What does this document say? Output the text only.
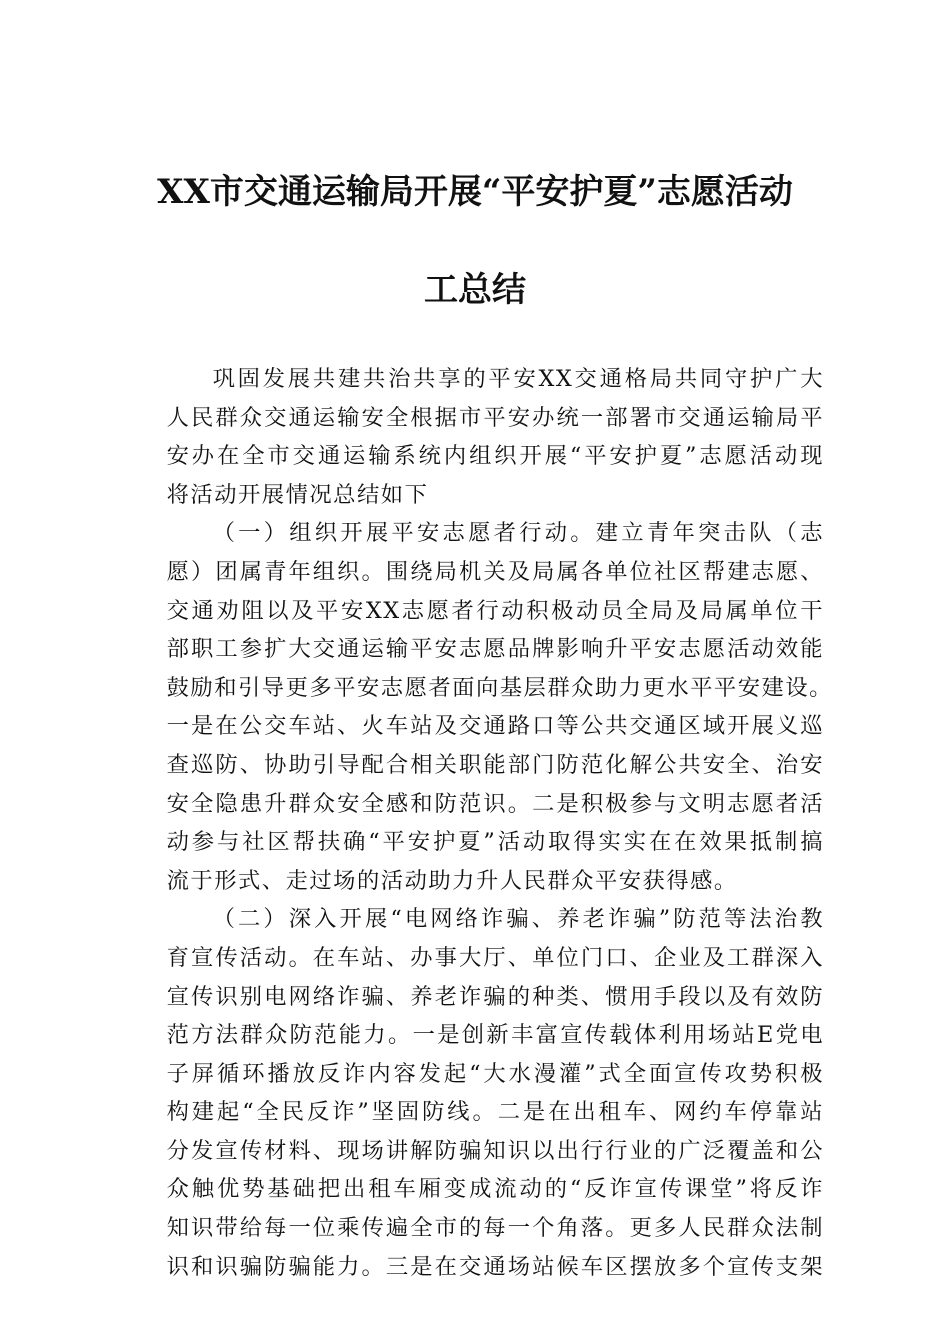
XX市交通运输局开展“平安护夏”志愿活动
工总结
巩固发展共建共治共享的平安XX交通格局共同守护广大
人民群众交通运输安全根据市平安办统一部署市交通运输局平
安办在全市交通运输系统内组织开展“平安护夏”志愿活动现
将活动开展情况总结如下
（一）组织开展平安志愿者行动。建立青年突击队（志
愿）团属青年组织。围绕局机关及局属各单位社区帮建志愿、
交通劝阻以及平安XX志愿者行动积极动员全局及局属单位干
部职工参扩大交通运输平安志愿品牌影响升平安志愿活动效能
鼓励和引导更多平安志愿者面向基层群众助力更水平平安建设。
一是在公交车站、火车站及交通路口等公共交通区域开展义巡
查巡防、协助引导配合相关职能部门防范化解公共安全、治安
安全隐患升群众安全感和防范识。二是积极参与文明志愿者活
动参与社区帮扶确“平安护夏”活动取得实实在在效果抵制搞
流于形式、走过场的活动助力升人民群众平安获得感。
（二）深入开展“电网络诈骗、养老诈骗”防范等法治教
育宣传活动。在车站、办事大厅、单位门口、企业及工群深入
宣传识别电网络诈骗、养老诈骗的种类、惯用手段以及有效防
范方法群众防范能力。一是创新丰富宣传载体利用场站E党电
子屏循环播放反诈内容发起“大水漫灌”式全面宣传攻势积极
构建起“全民反诈”坚固防线。二是在出租车、网约车停靠站
分发宣传材料、现场讲解防骗知识以出行行业的广泛覆盖和公
众触优势基础把出租车厢变成流动的“反诈宣传课堂”将反诈
知识带给每一位乘传遍全市的每一个角落。更多人民群众法制
识和识骗防骗能力。三是在交通场站候车区摆放多个宣传支架
